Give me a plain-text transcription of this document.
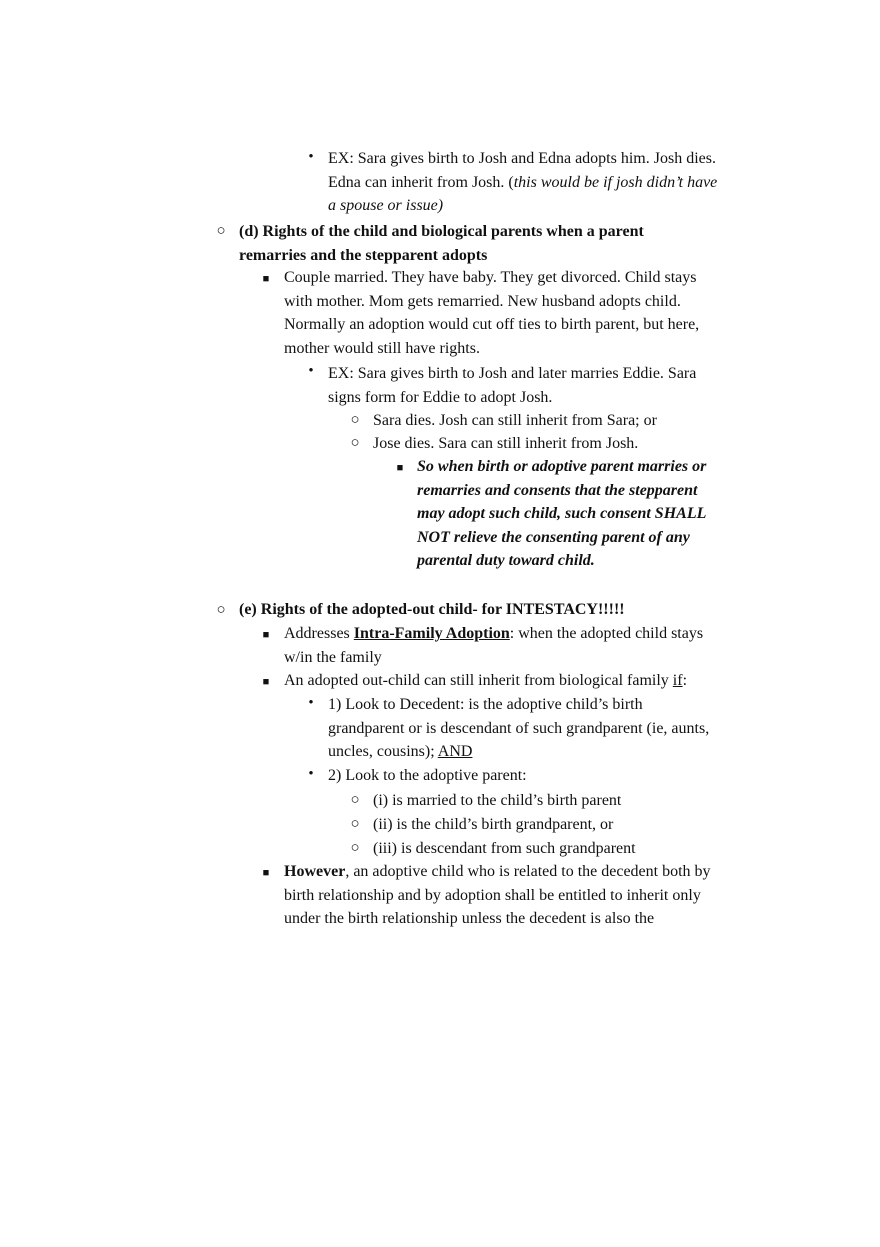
• EX: Sara gives birth to Josh and Edna adopts him. Josh dies. Edna can inherit from Josh. (this would be if josh didn’t have a spouse or issue)
○ (d) Rights of the child and biological parents when a parent remarries and the stepparent adopts
■ Couple married. They have baby. They get divorced. Child stays with mother. Mom gets remarried. New husband adopts child. Normally an adoption would cut off ties to birth parent, but here, mother would still have rights.
• EX: Sara gives birth to Josh and later marries Eddie. Sara signs form for Eddie to adopt Josh.
○ Sara dies. Josh can still inherit from Sara; or
○ Jose dies. Sara can still inherit from Josh.
■ So when birth or adoptive parent marries or remarries and consents that the stepparent may adopt such child, such consent SHALL NOT relieve the consenting parent of any parental duty toward child.
○ (e) Rights of the adopted-out child- for INTESTACY!!!!!
■ Addresses Intra-Family Adoption: when the adopted child stays w/in the family
■ An adopted out-child can still inherit from biological family if:
• 1) Look to Decedent: is the adoptive child’s birth grandparent or is descendant of such grandparent (ie, aunts, uncles, cousins); AND
• 2) Look to the adoptive parent:
○ (i) is married to the child’s birth parent
○ (ii) is the child’s birth grandparent, or
○ (iii) is descendant from such grandparent
■ However, an adoptive child who is related to the decedent both by birth relationship and by adoption shall be entitled to inherit only under the birth relationship unless the decedent is also the
